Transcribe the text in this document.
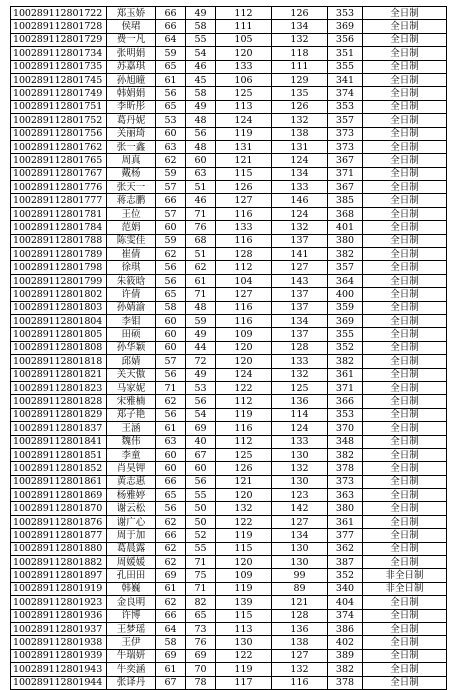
100289112801722	郑玉娇	66	49	112	126	353	全日制
100289112801728	侯珺	66	58	111	134	369	全日制
100289112801729	费一凡	64	55	105	132	356	全日制
100289112801734	张明娟	59	54	120	118	351	全日制
100289112801735	苏嘉琪	65	46	133	111	355	全日制
100289112801745	孙旭曈	61	45	106	129	341	全日制
100289112801749	韩娟娟	56	58	125	135	374	全日制
100289112801751	李昕彤	65	49	113	126	353	全日制
100289112801752	葛丹妮	53	48	124	132	357	全日制
100289112801756	关丽琦	60	56	119	138	373	全日制
100289112801762	张一鑫	63	48	131	131	373	全日制
100289112801765	周真	62	60	121	124	367	全日制
100289112801767	戴杨	59	63	115	134	371	全日制
100289112801776	张天一	57	51	126	133	367	全日制
100289112801777	蒋志鹏	66	46	127	146	385	全日制
100289112801781	王位	57	71	116	124	368	全日制
100289112801784	范娟	60	76	133	132	401	全日制
100289112801788	陈雯佳	59	68	116	137	380	全日制
100289112801789	崔倩	62	51	128	141	382	全日制
100289112801798	徐琪	56	62	112	127	357	全日制
100289112801799	朱筱晗	56	61	104	143	364	全日制
100289112801802	许倩	65	71	127	137	400	全日制
100289112801803	孙婧渝	58	48	116	137	359	全日制
100289112801804	李钼	60	59	116	134	369	全日制
100289112801805	田硕	60	49	109	137	355	全日制
100289112801808	孙华颖	60	44	120	128	352	全日制
100289112801818	邱婧	57	72	120	133	382	全日制
100289112801821	关天傲	56	49	124	132	361	全日制
100289112801823	马家妮	71	53	122	125	371	全日制
100289112801828	宋雅楠	62	56	112	136	366	全日制
100289112801829	郑子艳	56	54	119	114	353	全日制
100289112801837	王涵	61	69	116	124	370	全日制
100289112801841	魏伟	63	40	112	133	348	全日制
100289112801851	李童	60	67	125	130	382	全日制
100289112801852	肖昊钾	60	60	126	132	378	全日制
100289112801861	黄志惠	66	56	121	130	373	全日制
100289112801869	杨雅婷	65	55	120	123	363	全日制
100289112801870	谢云松	56	50	132	142	380	全日制
100289112801876	谢广心	62	50	122	127	361	全日制
100289112801877	周于加	66	52	119	134	377	全日制
100289112801880	葛晨露	62	55	115	130	362	全日制
100289112801882	周媛媛	62	71	120	130	387	全日制
100289112801897	孔田田	69	75	109	99	352	非全日制
100289112801919	韩巍	61	71	119	89	340	非全日制
100289112801923	金良明	62	82	139	121	404	全日制
100289112801936	许博	66	65	115	128	374	全日制
100289112801937	王梦瑶	64	73	113	136	386	全日制
100289112801938	王伊	58	76	130	138	402	全日制
100289112801939	牛瑞妍	69	69	122	127	389	全日制
100289112801943	牛奕涵	61	70	119	132	382	全日制
100289112801944	张译丹	67	78	117	116	378	全日制
